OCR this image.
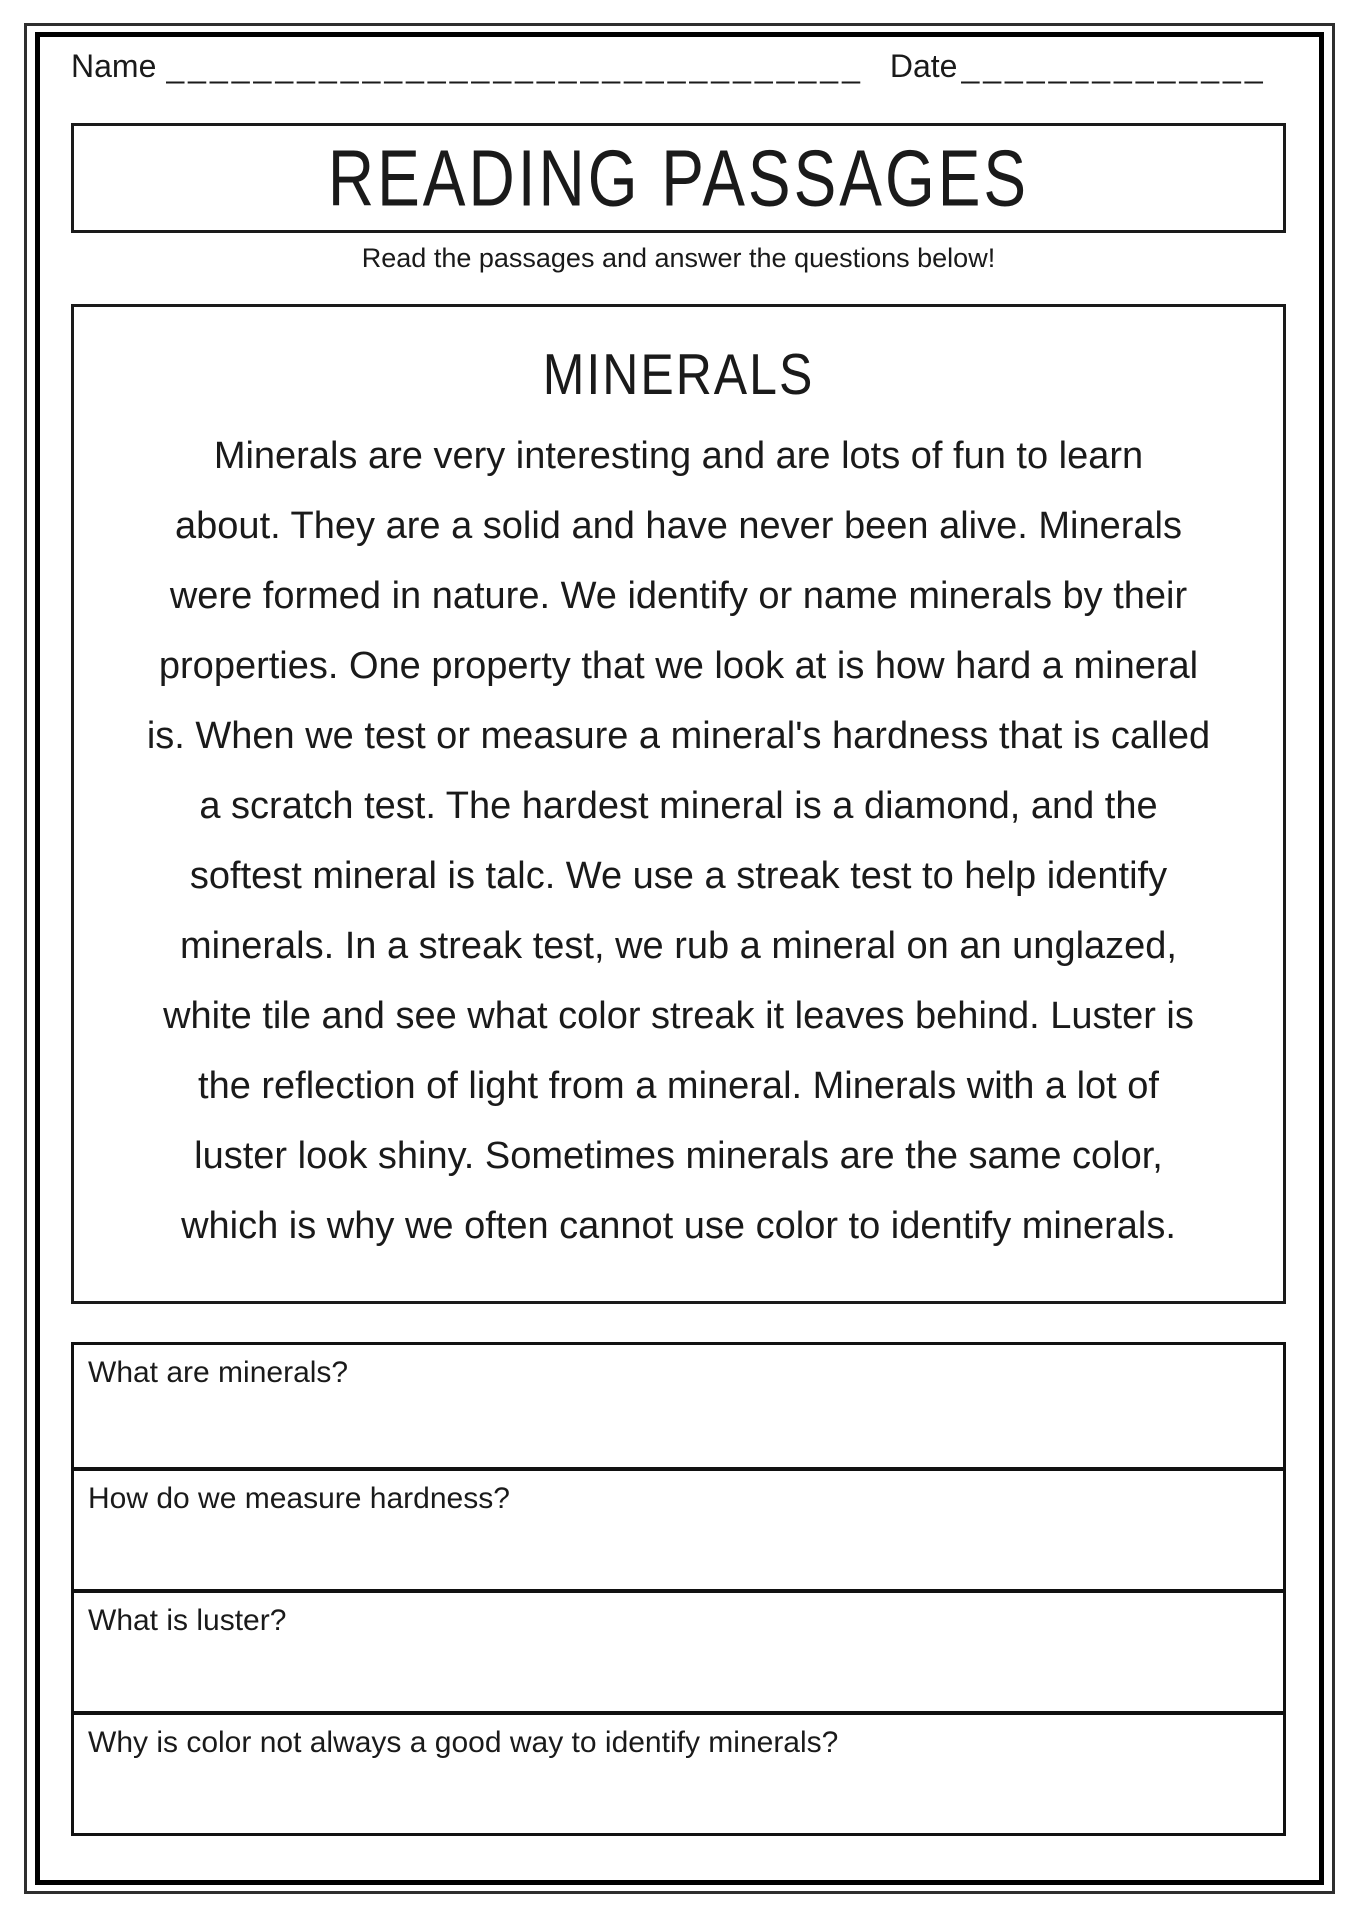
Name ________________________________ Date ______________
READING PASSAGES
Read the passages and answer the questions below!
MINERALS
Minerals are very interesting and are lots of fun to learn
about. They are a solid and have never been alive. Minerals
were formed in nature. We identify or name minerals by their
properties. One property that we look at is how hard a mineral
is. When we test or measure a mineral's hardness that is called
a scratch test. The hardest mineral is a diamond, and the
softest mineral is talc. We use a streak test to help identify
minerals. In a streak test, we rub a mineral on an unglazed,
white tile and see what color streak it leaves behind. Luster is
the reflection of light from a mineral. Minerals with a lot of
luster look shiny. Sometimes minerals are the same color,
which is why we often cannot use color to identify minerals.
What are minerals?
How do we measure hardness?
What is luster?
Why is color not always a good way to identify minerals?
